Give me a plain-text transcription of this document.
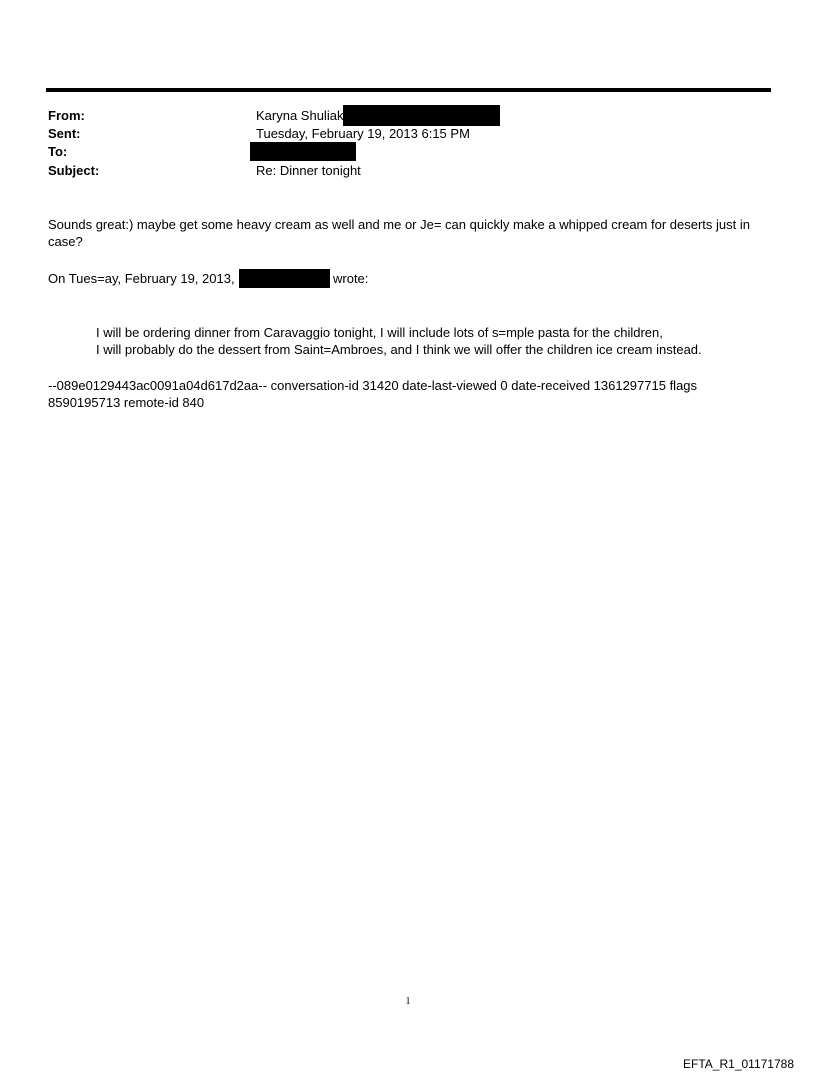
From:	Karyna Shuliak
Sent:	Tuesday, February 19, 2013 6:15 PM
To:
Subject:	Re: Dinner tonight
Sounds great:) maybe get some heavy cream as well and me or Je= can quickly make a whipped cream for deserts just in case?
On Tues=ay, February 19, 2013,	wrote:
I will be ordering dinner from Caravaggio tonight, I will include lots of s=mple pasta for the children,
I will probably do the dessert from Saint=Ambroes, and I think we will offer the children ice cream instead.
--089e0129443ac0091a04d617d2aa-- conversation-id 31420 date-last-viewed 0 date-received 1361297715 flags 8590195713 remote-id 840
1
EFTA_R1_01171788
